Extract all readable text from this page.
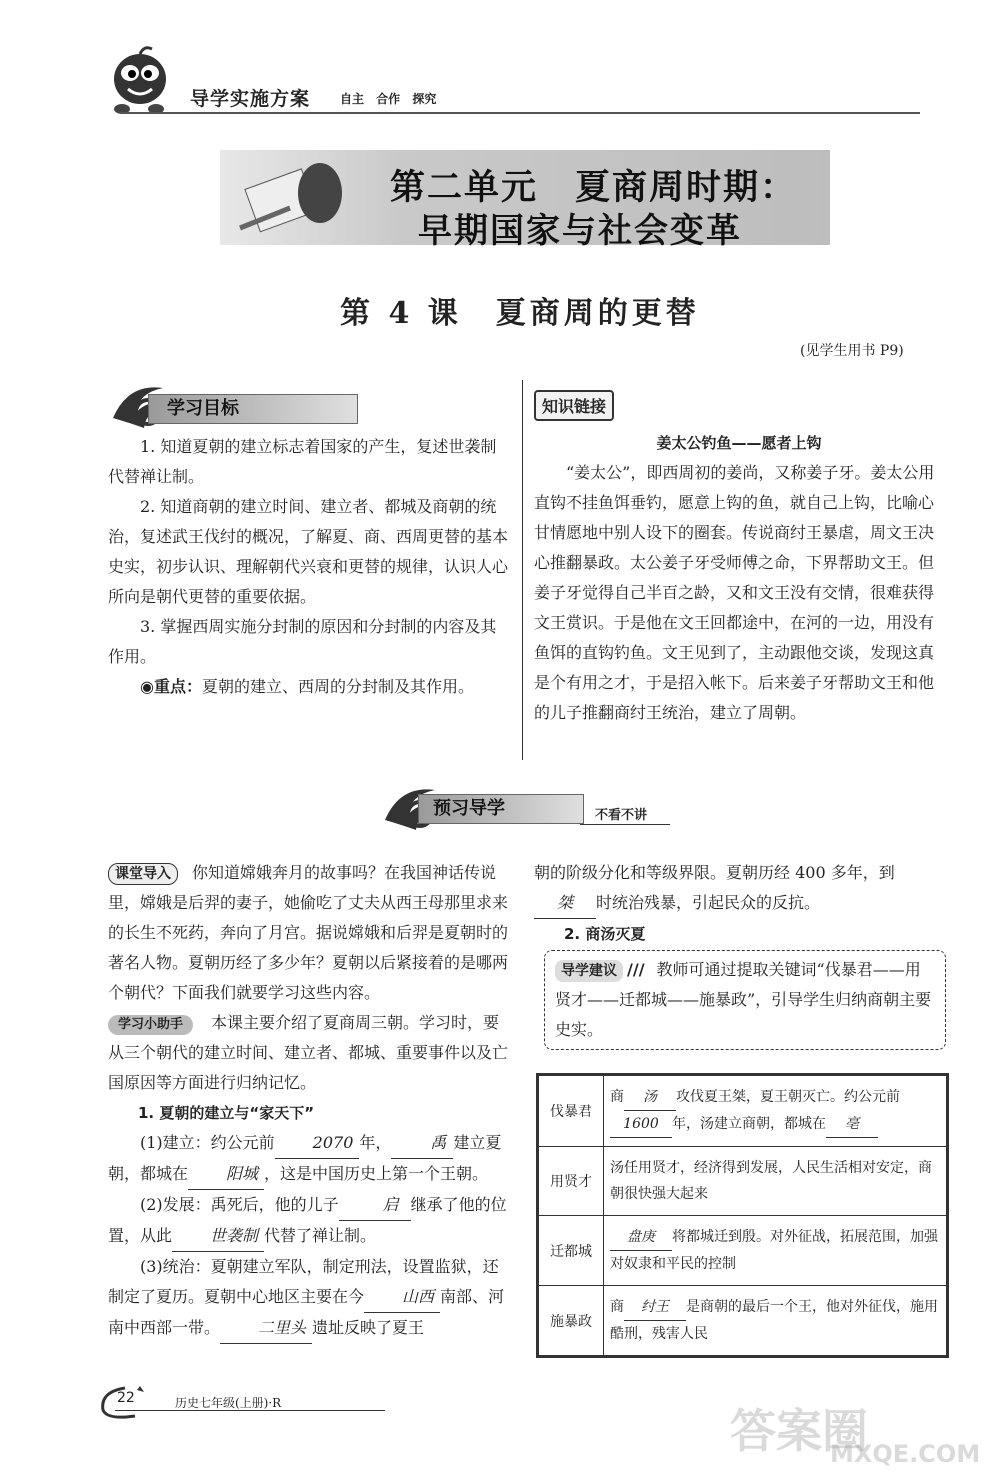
导学实施方案 自主 合作 探究
第二单元　夏商周时期：
早期国家与社会变革
第 4 课　夏商周的更替
(见学生用书 P9)
学习目标
1. 知道夏朝的建立标志着国家的产生，复述世袭制代替禅让制。
2. 知道商朝的建立时间、建立者、都城及商朝的统治，复述武王伐纣的概况，了解夏、商、西周更替的基本史实，初步认识、理解朝代兴衰和更替的规律，认识人心所向是朝代更替的重要依据。
3. 掌握西周实施分封制的原因和分封制的内容及其作用。
◉重点：夏朝的建立、西周的分封制及其作用。
知识链接
姜太公钓鱼——愿者上钩
“姜太公”，即西周初的姜尚，又称姜子牙。姜太公用直钩不挂鱼饵垂钓，愿意上钩的鱼，就自己上钩，比喻心甘情愿地中别人设下的圈套。传说商纣王暴虐，周文王决心推翻暴政。太公姜子牙受师傅之命，下界帮助文王。但姜子牙觉得自己半百之龄，又和文王没有交情，很难获得文王赏识。于是他在文王回都途中，在河的一边，用没有鱼饵的直钩钓鱼。文王见到了，主动跟他交谈，发现这真是个有用之才，于是招入帐下。后来姜子牙帮助文王和他的儿子推翻商纣王统治，建立了周朝。
预习导学	不看不讲
课堂导入 你知道嫦娥奔月的故事吗？在我国神话传说里，嫦娥是后羿的妻子，她偷吃了丈夫从西王母那里求来的长生不死药，奔向了月宫。据说嫦娥和后羿是夏朝时的著名人物。夏朝历经了多少年？夏朝以后紧接着的是哪两个朝代？下面我们就要学习这些内容。
学习小助手 本课主要介绍了夏商周三朝。学习时，要从三个朝代的建立时间、建立者、都城、重要事件以及亡国原因等方面进行归纳记忆。
1. 夏朝的建立与“家天下”
(1)建立：约公元前 2070 年， 禹 建立夏朝，都城在 阳城 ，这是中国历史上第一个王朝。
(2)发展：禹死后，他的儿子	启 继承了他的位置，从此 世袭制 代替了禅让制。
(3)统治：夏朝建立军队，制定刑法，设置监狱，还制定了夏历。夏朝中心地区主要在今 山西 南部、河南中西部一带。 二里头 遗址反映了夏王
朝的阶级分化和等级界限。夏朝历经 400 多年，到桀 时统治残暴，引起民众的反抗。
2. 商汤灭夏
导学建议 /// 教师可通过提取关键词“伐暴君——用贤才——迁都城——施暴政”，引导学生归纳商朝主要史实。
伐暴君	商 汤 攻伐夏王桀，夏王朝灭亡。约公元前1600 年，汤建立商朝，都城在 亳
用贤才	汤任用贤才，经济得到发展，人民生活相对安定，商朝很快强大起来
迁都城	盘庚 将都城迁到殷。对外征战，拓展范围，加强对奴隶和平民的控制
施暴政	商 纣王 是商朝的最后一个王，他对外征伐，施用酷刑，残害人民
22	历史七年级(上册)·R
答案圈
MXQE.COM
